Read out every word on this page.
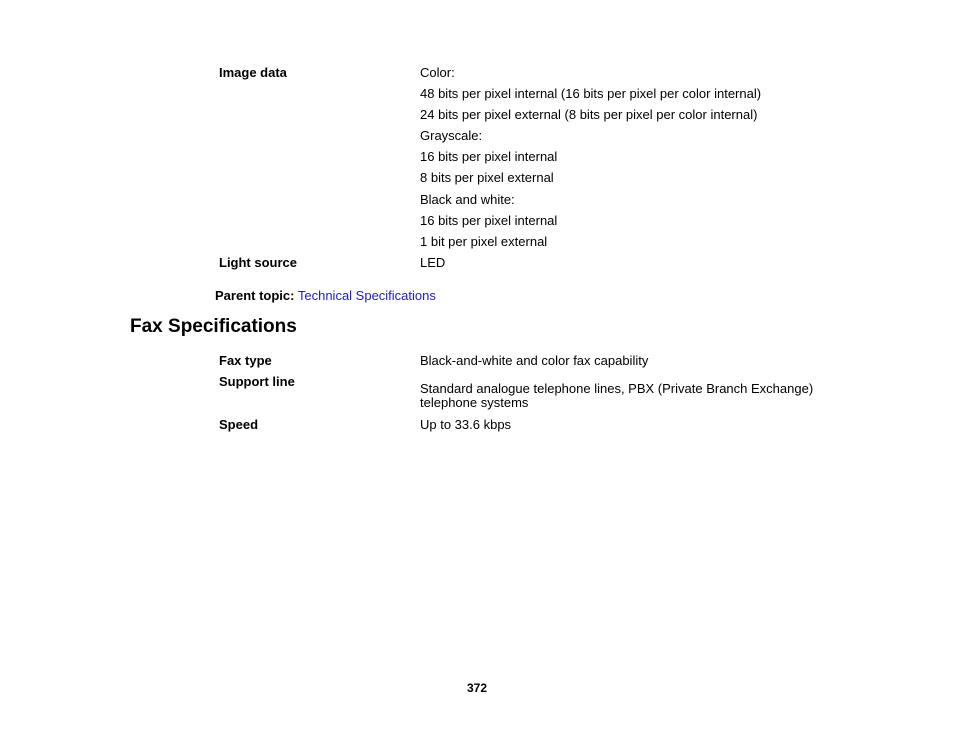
Image data	Color:
48 bits per pixel internal (16 bits per pixel per color internal)
24 bits per pixel external (8 bits per pixel per color internal)
Grayscale:
16 bits per pixel internal
8 bits per pixel external
Black and white:
16 bits per pixel internal
1 bit per pixel external
Light source	LED
Parent topic: Technical Specifications
Fax Specifications
Fax type	Black-and-white and color fax capability
Support line	Standard analogue telephone lines, PBX (Private Branch Exchange)
telephone systems
Speed	Up to 33.6 kbps
372
